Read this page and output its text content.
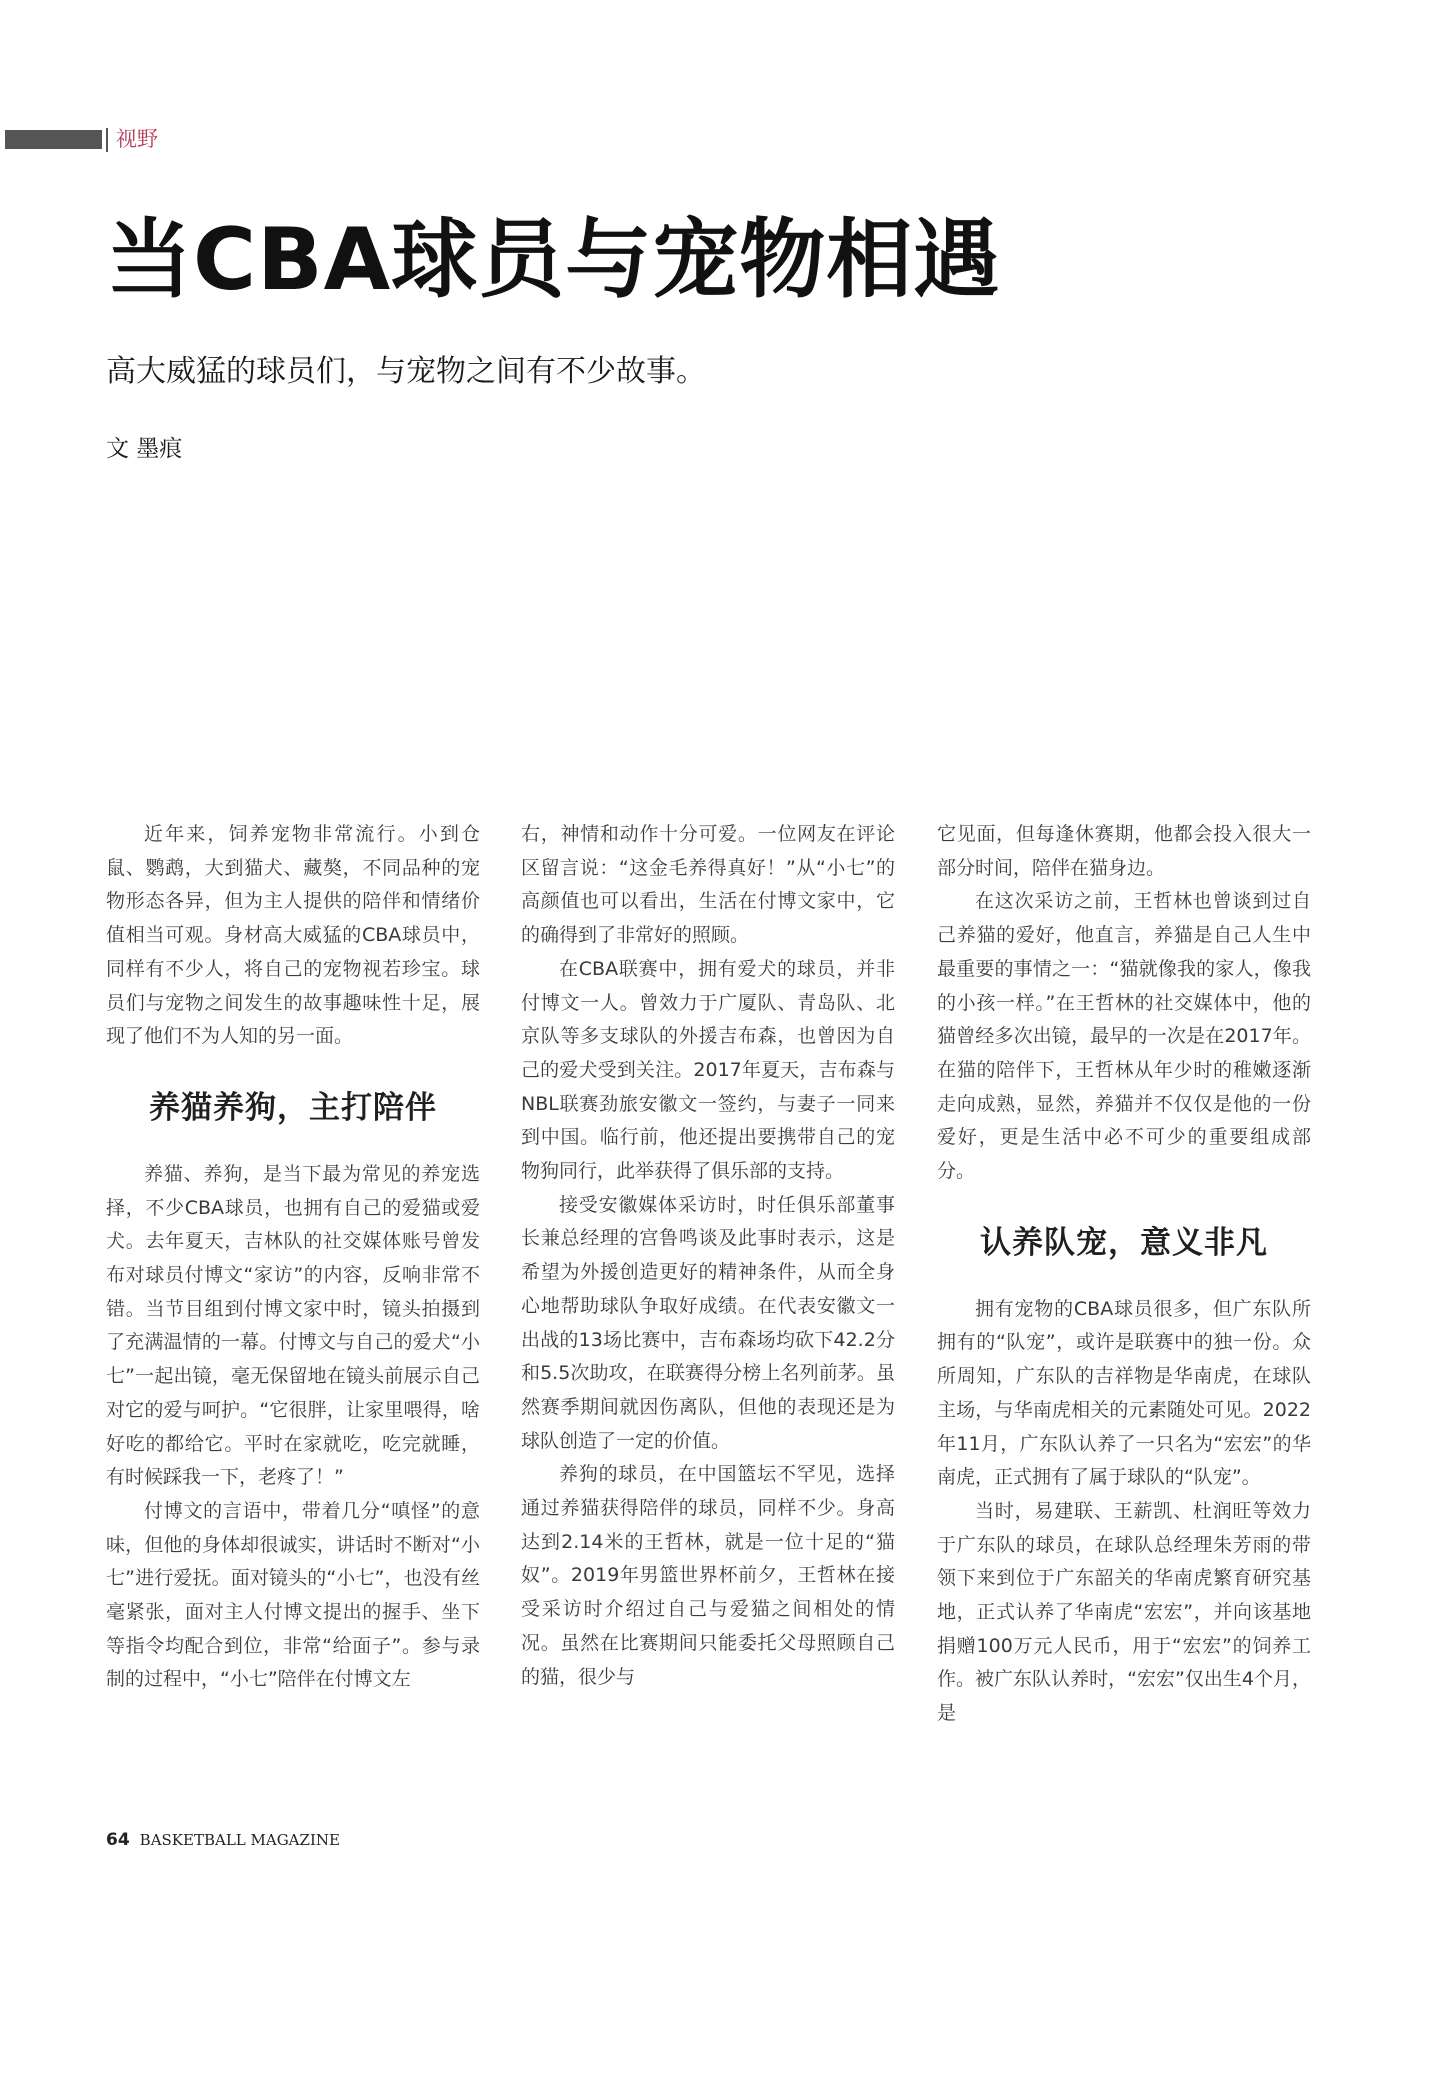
视野
当CBA球员与宠物相遇

高大威猛的球员们，与宠物之间有不少故事。

文 墨痕

近年来，饲养宠物非常流行。小到仓鼠、鹦鹉，大到猫犬、藏獒，不同品种的宠物形态各异，但为主人提供的陪伴和情绪价值相当可观。身材高大威猛的CBA球员中，同样有不少人，将自己的宠物视若珍宝。球员们与宠物之间发生的故事趣味性十足，展现了他们不为人知的另一面。

养猫养狗，主打陪伴

养猫、养狗，是当下最为常见的养宠选择，不少CBA球员，也拥有自己的爱猫或爱犬。去年夏天，吉林队的社交媒体账号曾发布对球员付博文“家访”的内容，反响非常不错。当节目组到付博文家中时，镜头拍摄到了充满温情的一幕。付博文与自己的爱犬“小七”一起出镜，毫无保留地在镜头前展示自己对它的爱与呵护。“它很胖，让家里喂得，啥好吃的都给它。平时在家就吃，吃完就睡，有时候踩我一下，老疼了！”

付博文的言语中，带着几分“嗔怪”的意味，但他的身体却很诚实，讲话时不断对“小七”进行爱抚。面对镜头的“小七”，也没有丝毫紧张，面对主人付博文提出的握手、坐下等指令均配合到位，非常“给面子”。参与录制的过程中，“小七”陪伴在付博文左

右，神情和动作十分可爱。一位网友在评论区留言说：“这金毛养得真好！”从“小七”的高颜值也可以看出，生活在付博文家中，它的确得到了非常好的照顾。

在CBA联赛中，拥有爱犬的球员，并非付博文一人。曾效力于广厦队、青岛队、北京队等多支球队的外援吉布森，也曾因为自己的爱犬受到关注。2017年夏天，吉布森与NBL联赛劲旅安徽文一签约，与妻子一同来到中国。临行前，他还提出要携带自己的宠物狗同行，此举获得了俱乐部的支持。

接受安徽媒体采访时，时任俱乐部董事长兼总经理的宫鲁鸣谈及此事时表示，这是希望为外援创造更好的精神条件，从而全身心地帮助球队争取好成绩。在代表安徽文一出战的13场比赛中，吉布森场均砍下42.2分和5.5次助攻，在联赛得分榜上名列前茅。虽然赛季期间就因伤离队，但他的表现还是为球队创造了一定的价值。

养狗的球员，在中国篮坛不罕见，选择通过养猫获得陪伴的球员，同样不少。身高达到2.14米的王哲林，就是一位十足的“猫奴”。2019年男篮世界杯前夕，王哲林在接受采访时介绍过自己与爱猫之间相处的情况。虽然在比赛期间只能委托父母照顾自己的猫，很少与

它见面，但每逢休赛期，他都会投入很大一部分时间，陪伴在猫身边。

在这次采访之前，王哲林也曾谈到过自己养猫的爱好，他直言，养猫是自己人生中最重要的事情之一：“猫就像我的家人，像我的小孩一样。”在王哲林的社交媒体中，他的猫曾经多次出镜，最早的一次是在2017年。在猫的陪伴下，王哲林从年少时的稚嫩逐渐走向成熟，显然，养猫并不仅仅是他的一份爱好，更是生活中必不可少的重要组成部分。

认养队宠，意义非凡

拥有宠物的CBA球员很多，但广东队所拥有的“队宠”，或许是联赛中的独一份。众所周知，广东队的吉祥物是华南虎，在球队主场，与华南虎相关的元素随处可见。2022年11月，广东队认养了一只名为“宏宏”的华南虎，正式拥有了属于球队的“队宠”。

当时，易建联、王薪凯、杜润旺等效力于广东队的球员，在球队总经理朱芳雨的带领下来到位于广东韶关的华南虎繁育研究基地，正式认养了华南虎“宏宏”，并向该基地捐赠100万元人民币，用于“宏宏”的饲养工作。被广东队认养时，“宏宏”仅出生4个月，是

64 BASKETBALL MAGAZINE
